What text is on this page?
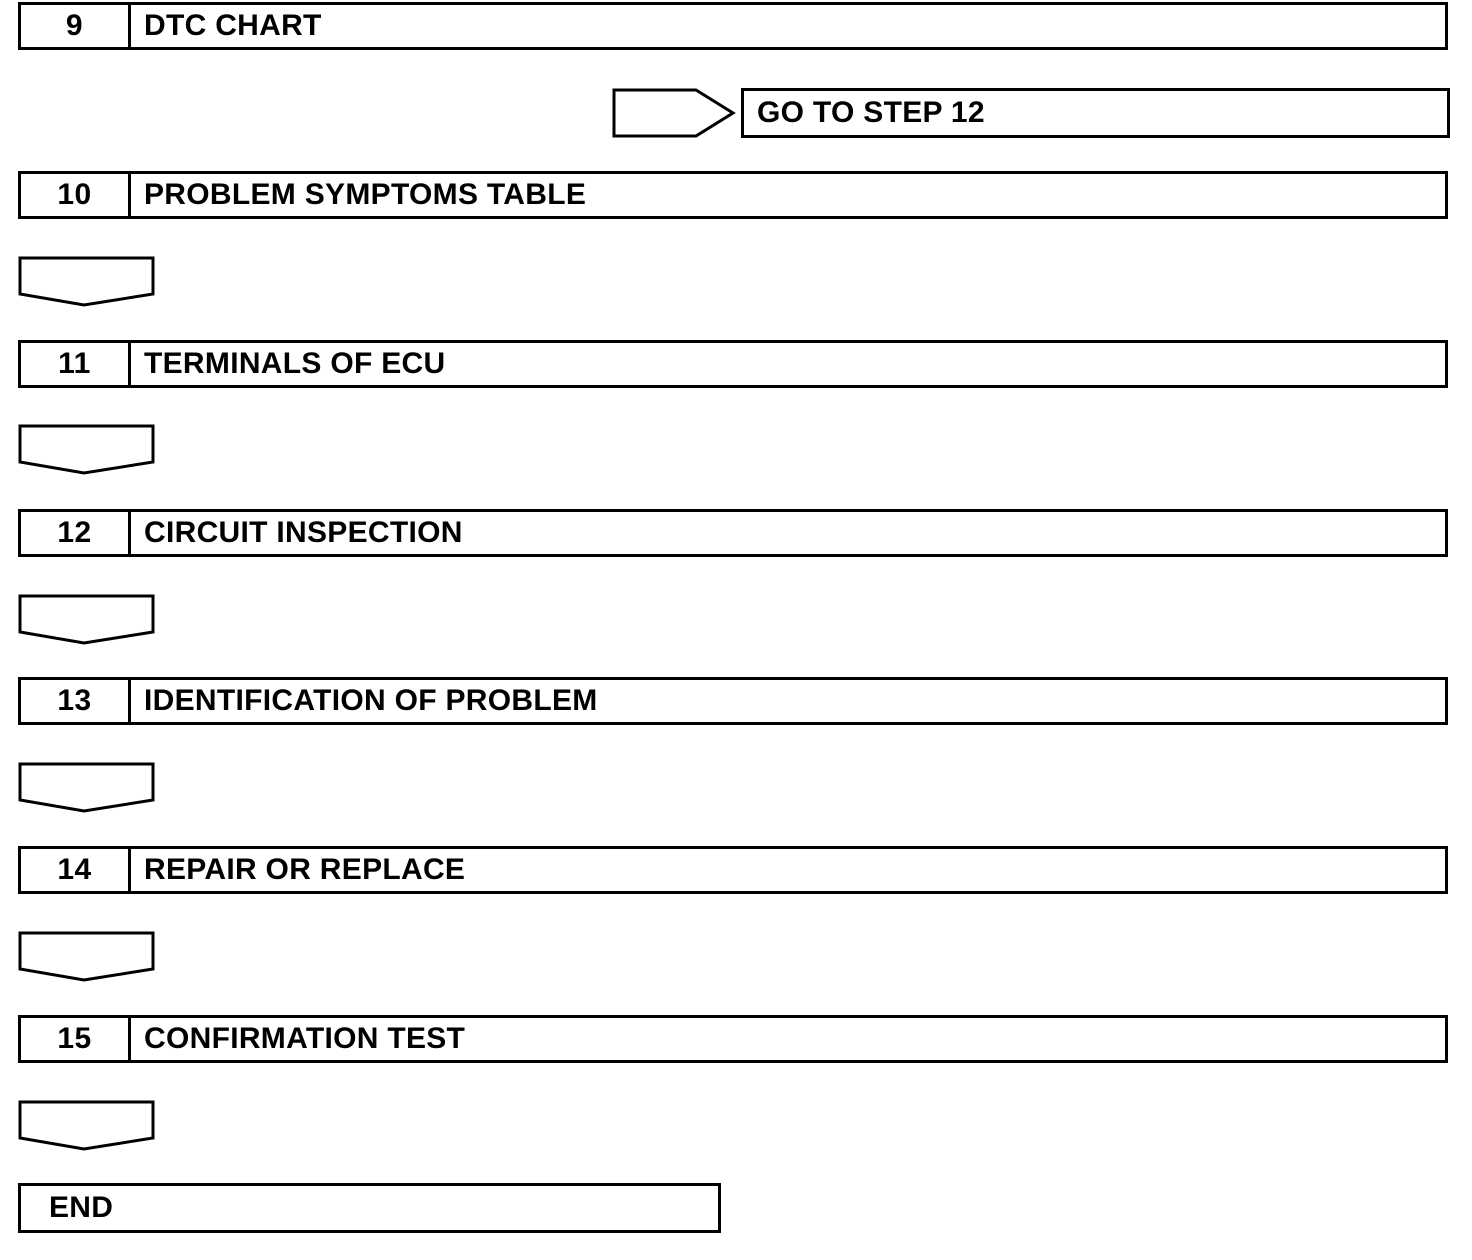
9	DTC CHART
GO TO STEP 12
10	PROBLEM SYMPTOMS TABLE
11	TERMINALS OF ECU
12	CIRCUIT INSPECTION
13	IDENTIFICATION OF PROBLEM
14	REPAIR OR REPLACE
15	CONFIRMATION TEST
END
